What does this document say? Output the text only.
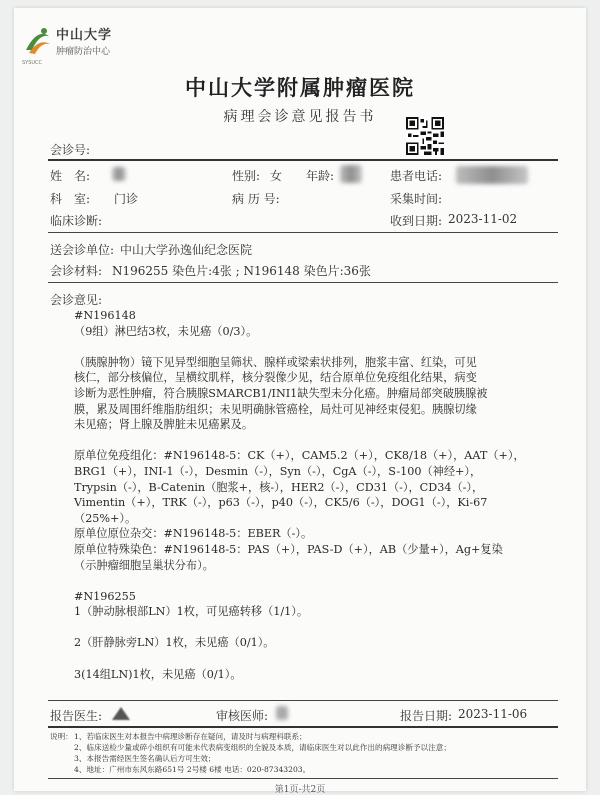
中山大学
肿瘤防治中心
SYSUCC
中山大学附属肿瘤医院
病理会诊意见报告书
会诊号:
姓　名:	性别: 女 年龄:	患者电话:
科　室: 门诊	病 历 号:	采集时间:
临床诊断:	收到日期: 2023-11-02
送会诊单位: 中山大学孙逸仙纪念医院
会诊材料: N196255 染色片:4张 ; N196148 染色片:36张
会诊意见:
#N196148
（9组）淋巴结3枚，未见癌（0/3）。

（胰腺肿物）镜下见异型细胞呈筛状、腺样或梁索状排列，胞浆丰富、红染，可见
核仁，部分核偏位，呈横纹肌样，核分裂像少见，结合原单位免疫组化结果，病变
诊断为恶性肿瘤，符合胰腺SMARCB1/INI1缺失型未分化癌。肿瘤局部突破胰腺被
膜，累及周围纤维脂肪组织；未见明确脉管癌栓，局灶可见神经束侵犯。胰腺切缘
未见癌；肾上腺及脾脏未见癌累及。

原单位免疫组化：#N196148-5：CK（+），CAM5.2（+），CK8/18（+），AAT（+），
BRG1（+），INI-1（-），Desmin（-），Syn（-），CgA（-），S-100（神经+），
Trypsin（-），B-Catenin（胞浆+，核-），HER2（-），CD31（-），CD34（-），
Vimentin（+），TRK（-），p63（-），p40（-），CK5/6（-），DOG1（-），Ki-67
（25%+）。
原单位原位杂交：#N196148-5：EBER（-）。
原单位特殊染色：#N196148-5：PAS（+），PAS-D（+），AB（少量+），Ag+复染
（示肿瘤细胞呈巢状分布）。

#N196255
1（肿动脉根部LN）1枚，可见癌转移（1/1）。

2（肝静脉旁LN）1枚，未见癌（0/1）。

3(14组LN)1枚，未见癌（0/1）。
报告医生:	审核医师:	报告日期: 2023-11-06
说明： 1、若临床医生对本报告中病理诊断存在疑问，请及时与病理科联系；
2、临床送检少量或碎小组织有可能未代表病变组织的全貌及本质，请临床医生对以此作出的病理诊断予以注意；
3、本报告需经医生签名确认后方可生效；
4、地址：广州市东风东路651号 2号楼 6楼 电话：020-87343203。
第1页-共2页
